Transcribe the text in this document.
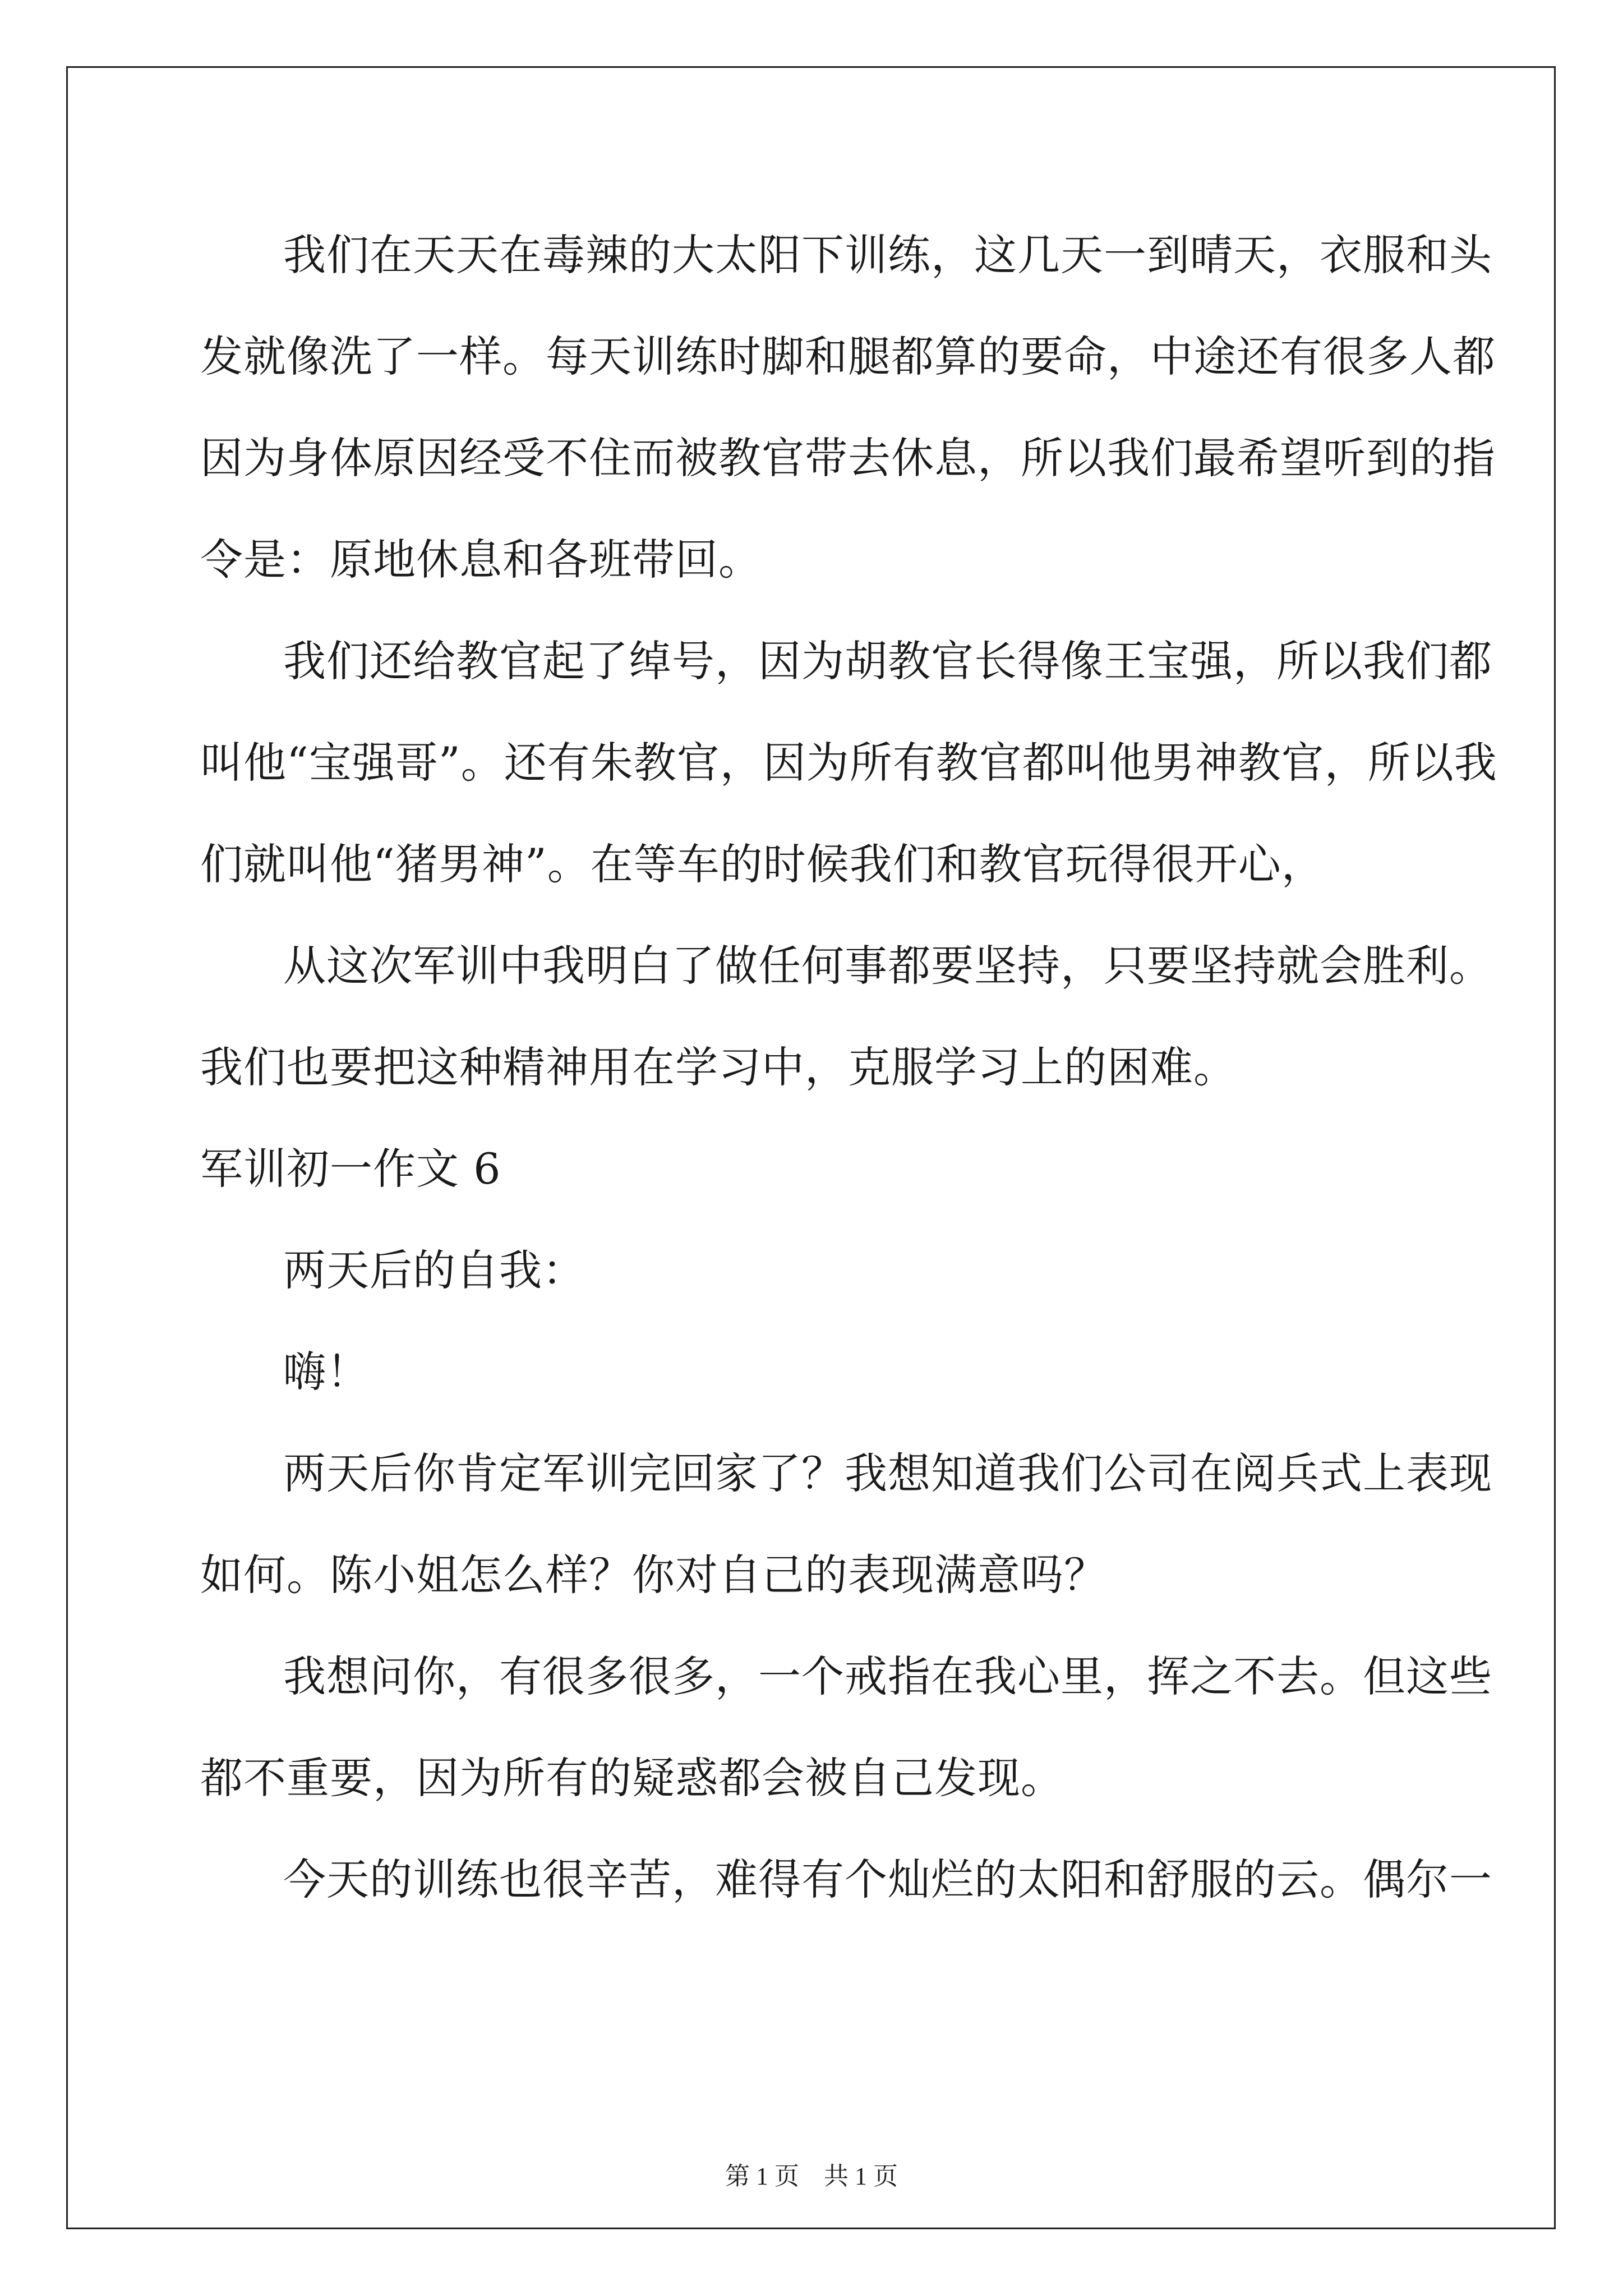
我们在天天在毒辣的大太阳下训练，这几天一到晴天，衣服和头
发就像洗了一样。每天训练时脚和腿都算的要命，中途还有很多人都
因为身体原因经受不住而被教官带去休息，所以我们最希望听到的指
令是：原地休息和各班带回。
我们还给教官起了绰号，因为胡教官长得像王宝强，所以我们都
叫他“宝强哥”。还有朱教官，因为所有教官都叫他男神教官，所以我
们就叫他“猪男神”。在等车的时候我们和教官玩得很开心，
从这次军训中我明白了做任何事都要坚持，只要坚持就会胜利。
我们也要把这种精神用在学习中，克服学习上的困难。
军训初一作文 6
两天后的自我：
嗨！
两天后你肯定军训完回家了？我想知道我们公司在阅兵式上表现
如何。陈小姐怎么样？你对自己的表现满意吗？
我想问你，有很多很多，一个戒指在我心里，挥之不去。但这些
都不重要，因为所有的疑惑都会被自己发现。
今天的训练也很辛苦，难得有个灿烂的太阳和舒服的云。偶尔一
第 1 页　共 1 页
